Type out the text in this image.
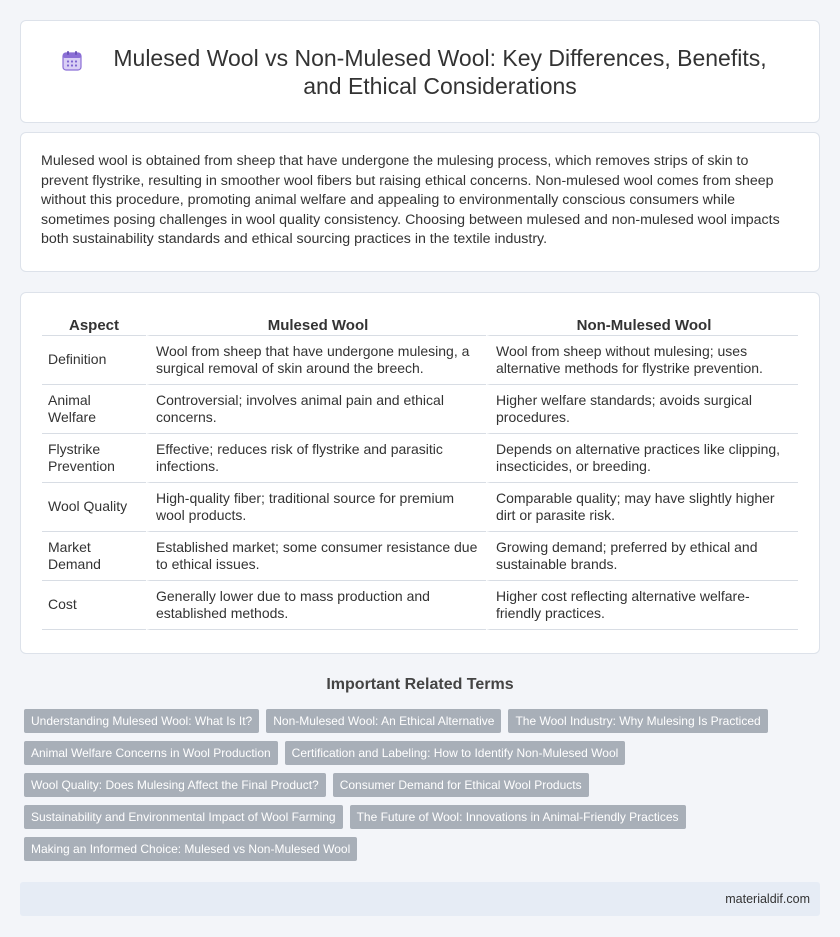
Mulesed Wool vs Non-Mulesed Wool: Key Differences, Benefits, and Ethical Considerations

Mulesed wool is obtained from sheep that have undergone the mulesing process, which removes strips of skin to prevent flystrike, resulting in smoother wool fibers but raising ethical concerns. Non-mulesed wool comes from sheep without this procedure, promoting animal welfare and appealing to environmentally conscious consumers while sometimes posing challenges in wool quality consistency. Choosing between mulesed and non-mulesed wool impacts both sustainability standards and ethical sourcing practices in the textile industry.

Aspect	Mulesed Wool	Non-Mulesed Wool
Definition	Wool from sheep that have undergone mulesing, a surgical removal of skin around the breech.	Wool from sheep without mulesing; uses alternative methods for flystrike prevention.
Animal Welfare	Controversial; involves animal pain and ethical concerns.	Higher welfare standards; avoids surgical procedures.
Flystrike Prevention	Effective; reduces risk of flystrike and parasitic infections.	Depends on alternative practices like clipping, insecticides, or breeding.
Wool Quality	High-quality fiber; traditional source for premium wool products.	Comparable quality; may have slightly higher dirt or parasite risk.
Market Demand	Established market; some consumer resistance due to ethical issues.	Growing demand; preferred by ethical and sustainable brands.
Cost	Generally lower due to mass production and established methods.	Higher cost reflecting alternative welfare-friendly practices.
Important Related Terms
Understanding Mulesed Wool: What Is It?	Non-Mulesed Wool: An Ethical Alternative	The Wool Industry: Why Mulesing Is Practiced
Animal Welfare Concerns in Wool Production	Certification and Labeling: How to Identify Non-Mulesed Wool
Wool Quality: Does Mulesing Affect the Final Product?	Consumer Demand for Ethical Wool Products
Sustainability and Environmental Impact of Wool Farming	The Future of Wool: Innovations in Animal-Friendly Practices
Making an Informed Choice: Mulesed vs Non-Mulesed Wool
materialdif.com
